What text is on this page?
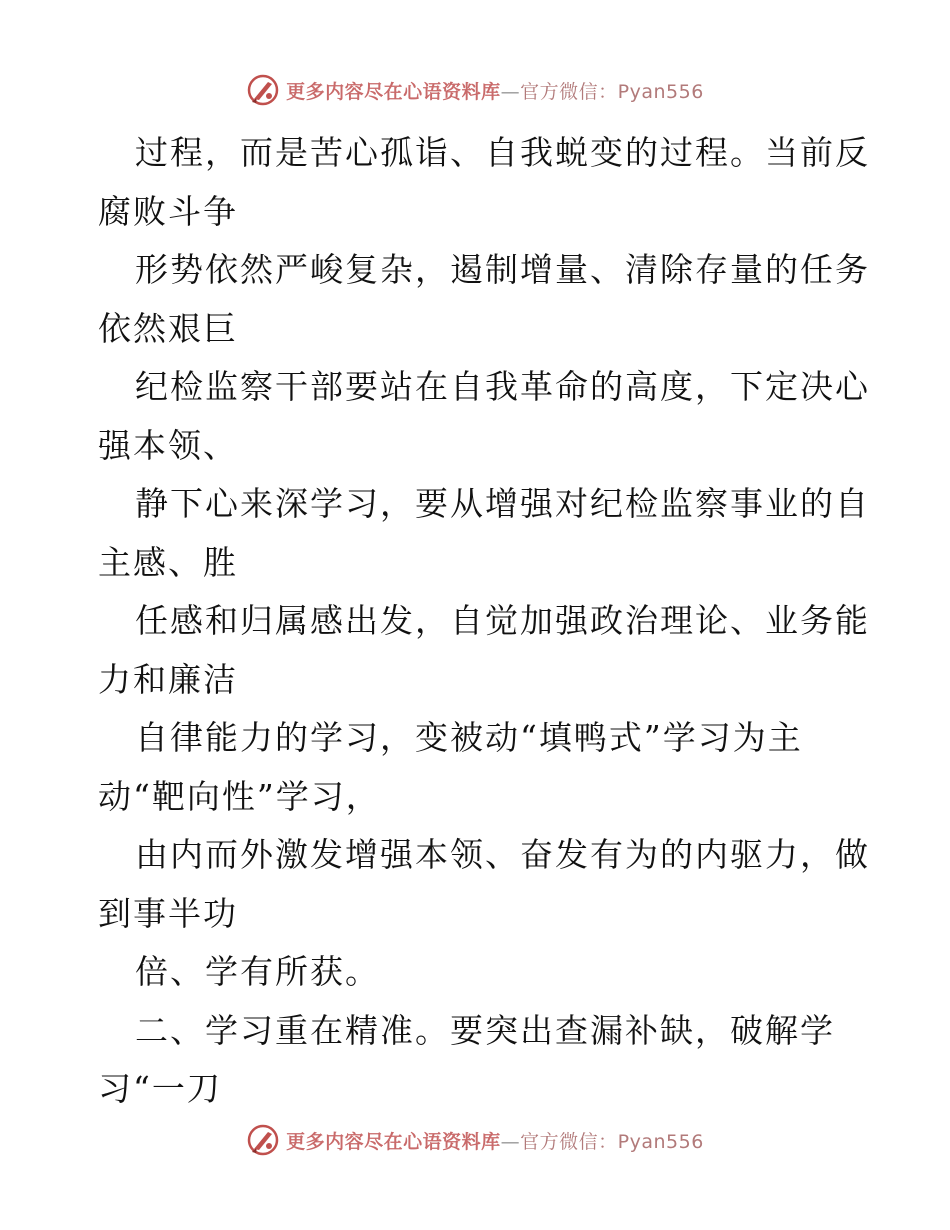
更多内容尽在心语资料库—官方微信：Pyan556
过程，而是苦心孤诣、自我蜕变的过程。当前反
腐败斗争
形势依然严峻复杂，遏制增量、清除存量的任务
依然艰巨
纪检监察干部要站在自我革命的高度，下定决心
强本领、
静下心来深学习，要从增强对纪检监察事业的自
主感、胜
任感和归属感出发，自觉加强政治理论、业务能
力和廉洁
自律能力的学习，变被动“填鸭式”学习为主
动“靶向性”学习，
由内而外激发增强本领、奋发有为的内驱力，做
到事半功
倍、学有所获。
二、学习重在精准。要突出查漏补缺，破解学
习“一刀
更多内容尽在心语资料库—官方微信：Pyan556
